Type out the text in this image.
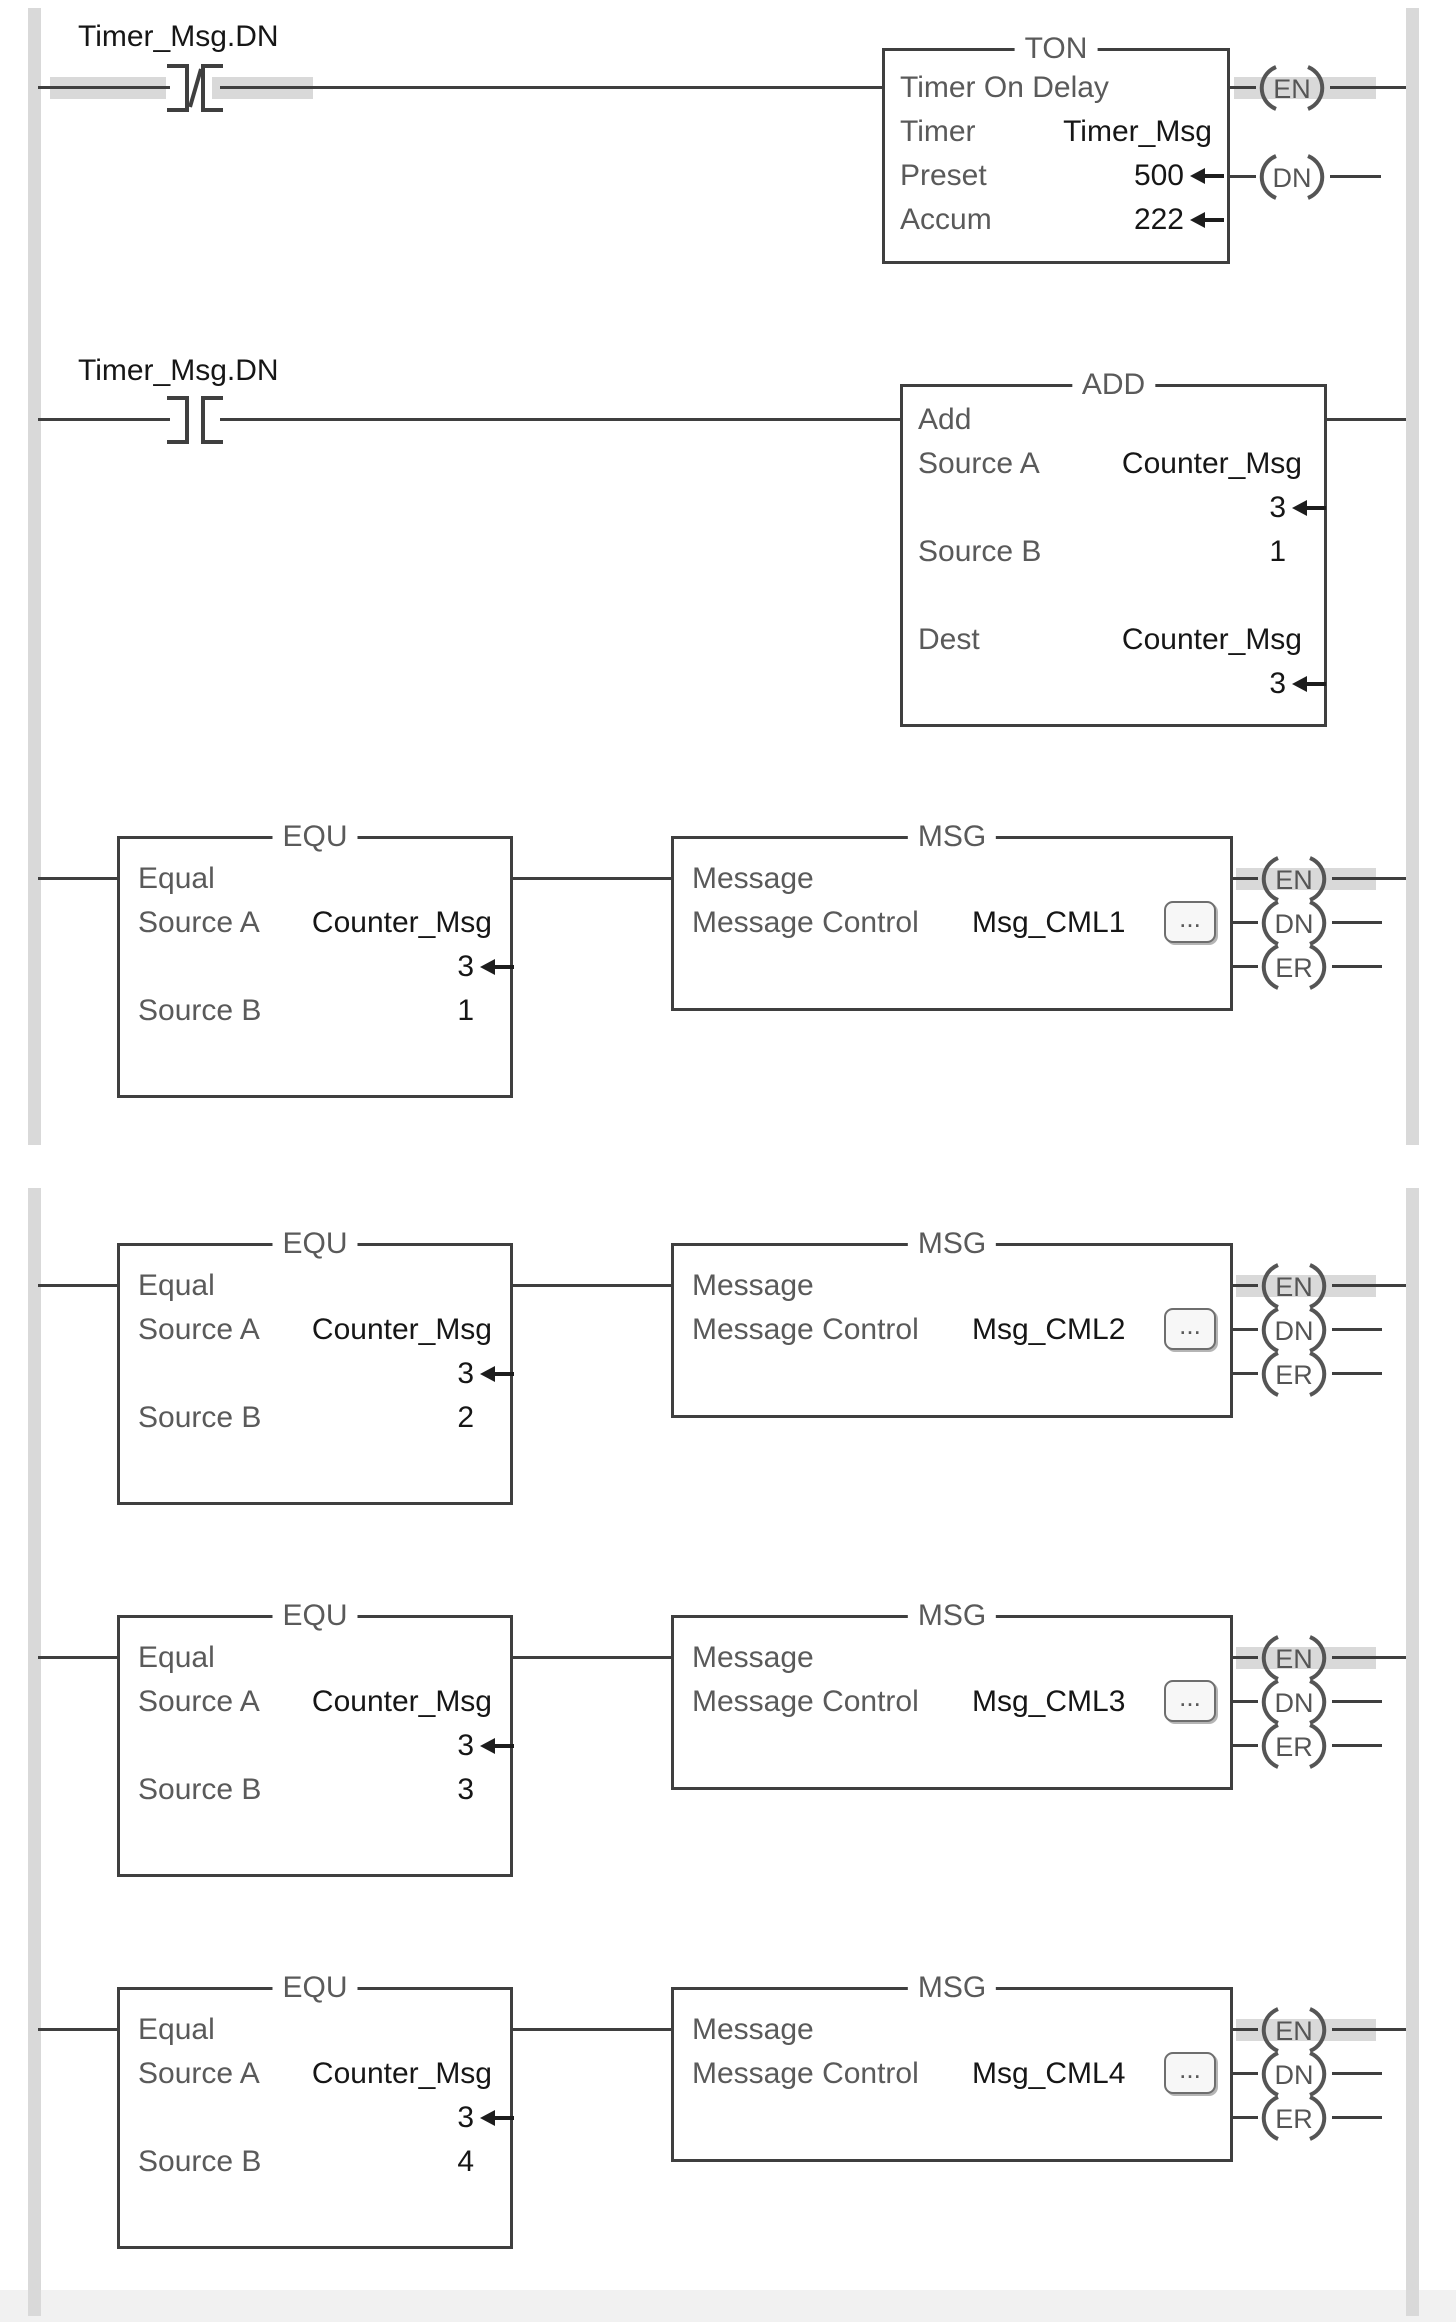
Timer_Msg.DN	TON
Timer On Delay
Timer	Timer_Msg
Preset	500
Accum	222
EN
DN
Timer_Msg.DN	ADD
Add
Source A	Counter_Msg
3
Source B	1
Dest	Counter_Msg
3
EQU
Equal
Source A Counter_Msg
3
Source B	1
MSG
Message
Message Control Msg_CML1	...
EN
DN
ER
EQU
Equal
Source A Counter_Msg
3
Source B	2
MSG
Message
Message Control Msg_CML2	...
EN
DN
ER
EQU
Equal
Source A Counter_Msg
3
Source B	3
MSG
Message
Message Control Msg_CML3	...
EN
DN
ER
EQU
Equal
Source A Counter_Msg
3
Source B	4
MSG
Message
Message Control Msg_CML4	...
EN
DN
ER
